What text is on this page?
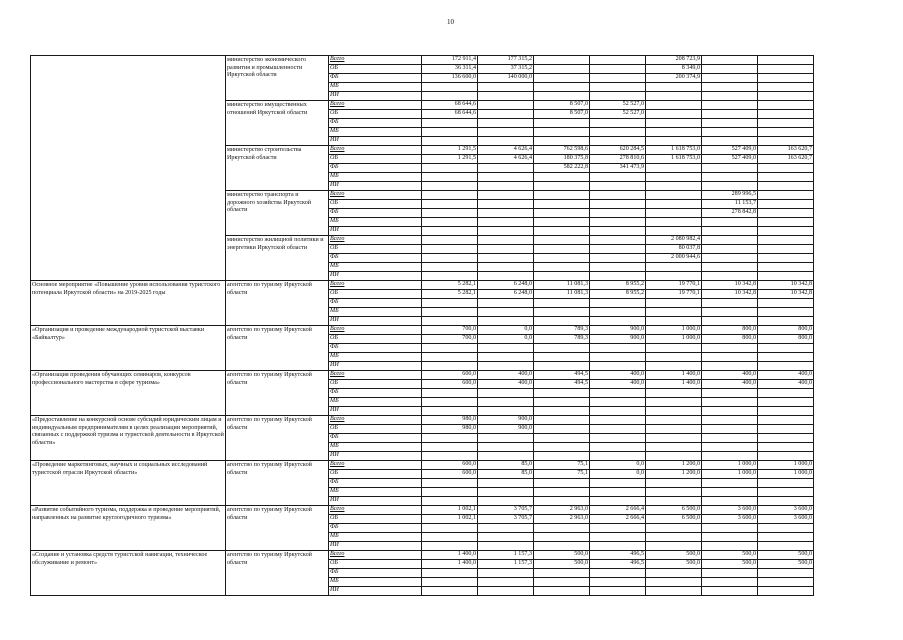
10
	министерство экономического развития и промышленности Иркутской области	Всего	172 911,4	177 315,2			208 723,9		
		ОБ	36 311,4	37 315,2			8 349,0		
		ФБ	136 600,0	140 000,0			200 374,9		
		МБ							
		ИИ							
	министерство имущественных отношений Иркутской области	Всего	68 644,6		8 507,0	52 527,0			
		ОБ	68 644,6		8 507,0	52 527,0			
		ФБ							
		МБ							
		ИИ							
	министерство строительства Иркутской области	Всего	1 291,5	4 626,4	762 598,6	620 284,5	1 618 753,0	527 409,0	163 620,7
		ОБ	1 291,5	4 626,4	180 375,8	278 810,6	1 618 753,0	527 409,0	163 620,7
		ФБ			582 222,8	341 473,9			
		МБ							
		ИИ							
	министерство транспорта и дорожного хозяйства Иркутской области	Всего						289 996,5	
		ОБ						11 153,7	
		ФБ						278 842,8	
		МБ							
		ИИ							
	министерство жилищной политики и энергетики Иркутской области	Всего					2 080 982,4		
		ОБ					80 037,8		
		ФБ					2 000 944,6		
		МБ							
		ИИ							
Основное мероприятие «Повышение уровня использования туристского потенциала Иркутской области» на 2019-2025 годы	агентство по туризму Иркутской области	Всего	5 282,1	6 248,0	11 081,3	8 955,2	19 770,1	10 342,8	10 342,8
		ОБ	5 282,1	6 248,0	11 081,3	8 955,2	19 770,1	10 342,8	10 342,8
		ФБ							
		МБ							
		ИИ							
«Организация и проведение международной туристской выставки «Байкалтур»	агентство по туризму Иркутской области	Всего	700,0	0,0	789,3	900,0	1 000,0	800,0	800,0
		ОБ	700,0	0,0	789,3	900,0	1 000,0	800,0	800,0
		ФБ							
		МБ							
		ИИ							
«Организация проведения обучающих семинаров, конкурсов профессионального мастерства в сфере туризма»	агентство по туризму Иркутской области	Всего	600,0	400,0	494,5	400,0	1 400,0	400,0	400,0
		ОБ	600,0	400,0	494,5	400,0	1 400,0	400,0	400,0
		ФБ							
		МБ							
		ИИ							
«Предоставление на конкурсной основе субсидий юридическим лицам и индивидуальным предпринимателям в целях реализации мероприятий, связанных с поддержкой туризма и туристской деятельности в Иркутской области»	агентство по туризму Иркутской области	Всего	980,0	900,0					
		ОБ	980,0	900,0					
		ФБ							
		МБ							
		ИИ							
«Проведение маркетинговых, научных и социальных исследований туристской отрасли Иркутской области»	агентство по туризму Иркутской области	Всего	600,0	85,0	75,1	0,0	1 200,0	1 000,0	1 000,0
		ОБ	600,0	85,0	75,1	0,0	1 200,0	1 000,0	1 000,0
		ФБ							
		МБ							
		ИИ							
«Развитие событийного туризма, поддержка и проведение мероприятий, направленных на развитие круглогодичного туризма»	агентство по туризму Иркутской области	Всего	1 002,1	3 705,7	2 963,0	2 666,4	6 500,0	3 600,0	3 600,0
		ОБ	1 002,1	3 705,7	2 963,0	2 666,4	6 500,0	3 600,0	3 600,0
		ФБ							
		МБ							
		ИИ							
«Создание и установка средств туристской навигации, техническое обслуживание и ремонт»	агентство по туризму Иркутской области	Всего	1 400,0	1 157,3	500,0	496,5	500,0	500,0	500,0
		ОБ	1 400,0	1 157,3	500,0	496,5	500,0	500,0	500,0
		ФБ							
		МБ							
		ИИ							
